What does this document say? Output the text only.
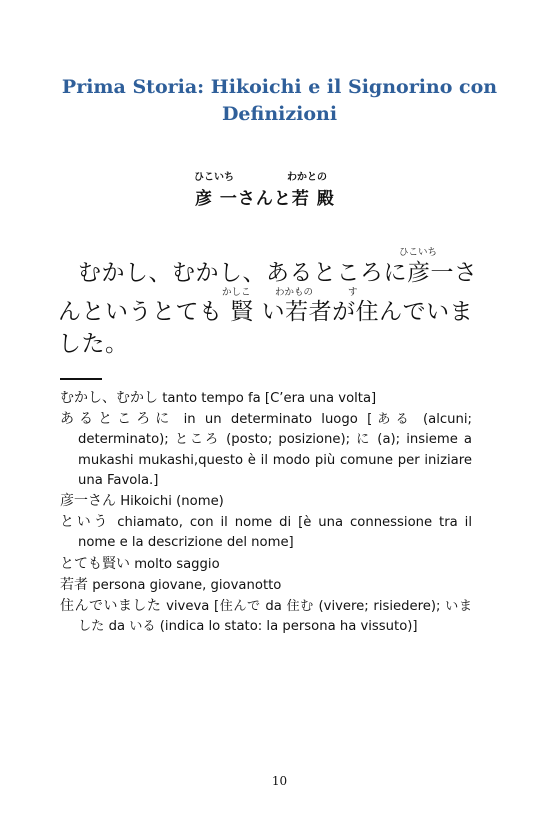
Prima Storia: Hikoichi e il Signorino con
Definizioni
ひこいち	わかとの
彦 一さんと若 殿
ひこいち
むかし、むかし、あるところに彦一さ
かしこ	わかもの	す
んというとても 賢 い若者が住んでいま
した。

むかし、むかし tanto tempo fa [C’era una volta]

あるところに in un determinato luogo [ある (alcuni; determinato); ところ (posto; posizione); に (a); insieme a mukashi mukashi,questo è il modo più comune per iniziare una Favola.]

彦一さん Hikoichi (nome)

という chiamato, con il nome di [è una connessione tra il nome e la descrizione del nome]

とても賢い molto saggio

若者 persona giovane, giovanotto

住んでいました viveva [住んで da 住む (vivere; risiedere); いました da いる (indica lo stato: la persona ha vissuto)]

10
